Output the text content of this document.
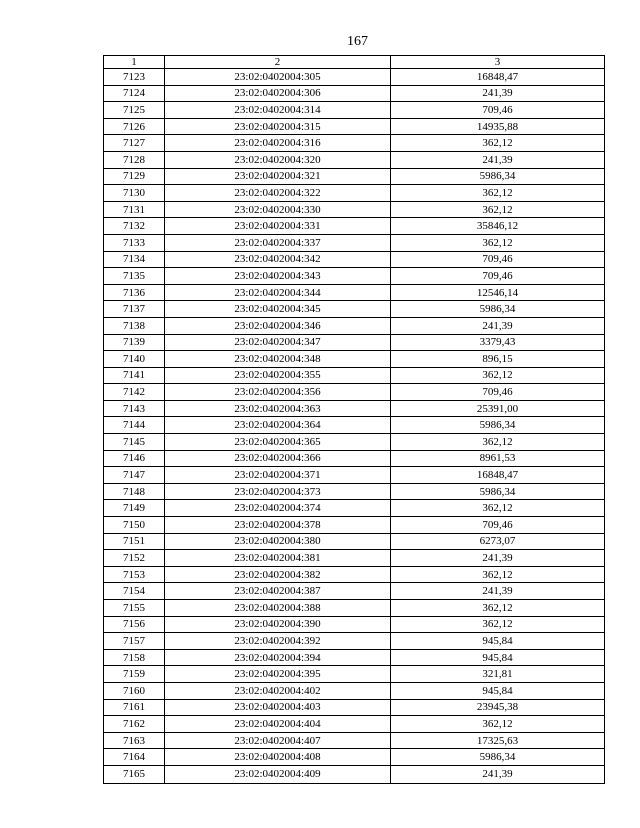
167
1	2	3
7123	23:02:0402004:305	16848,47
7124	23:02:0402004:306	241,39
7125	23:02:0402004:314	709,46
7126	23:02:0402004:315	14935,88
7127	23:02:0402004:316	362,12
7128	23:02:0402004:320	241,39
7129	23:02:0402004:321	5986,34
7130	23:02:0402004:322	362,12
7131	23:02:0402004:330	362,12
7132	23:02:0402004:331	35846,12
7133	23:02:0402004:337	362,12
7134	23:02:0402004:342	709,46
7135	23:02:0402004:343	709,46
7136	23:02:0402004:344	12546,14
7137	23:02:0402004:345	5986,34
7138	23:02:0402004:346	241,39
7139	23:02:0402004:347	3379,43
7140	23:02:0402004:348	896,15
7141	23:02:0402004:355	362,12
7142	23:02:0402004:356	709,46
7143	23:02:0402004:363	25391,00
7144	23:02:0402004:364	5986,34
7145	23:02:0402004:365	362,12
7146	23:02:0402004:366	8961,53
7147	23:02:0402004:371	16848,47
7148	23:02:0402004:373	5986,34
7149	23:02:0402004:374	362,12
7150	23:02:0402004:378	709,46
7151	23:02:0402004:380	6273,07
7152	23:02:0402004:381	241,39
7153	23:02:0402004:382	362,12
7154	23:02:0402004:387	241,39
7155	23:02:0402004:388	362,12
7156	23:02:0402004:390	362,12
7157	23:02:0402004:392	945,84
7158	23:02:0402004:394	945,84
7159	23:02:0402004:395	321,81
7160	23:02:0402004:402	945,84
7161	23:02:0402004:403	23945,38
7162	23:02:0402004:404	362,12
7163	23:02:0402004:407	17325,63
7164	23:02:0402004:408	5986,34
7165	23:02:0402004:409	241,39
